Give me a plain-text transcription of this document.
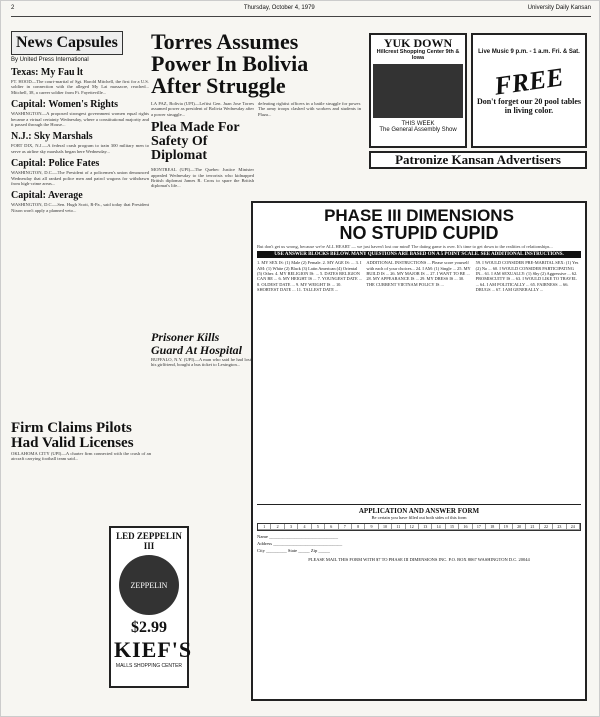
2	Thursday, October 4, 1979	University Daily Kansan
News Capsules
By United Press International
Texas: My Fau lt
FT. HOOD—The court-martial of Sgt. Harold Mitchell, the first for a U.S. soldier in connection with the alleged My Lai massacre, reached... Mitchell, 38, a career soldier from Ft. Fayetteville...
Capital: Women's Rights
WASHINGTON—A proposed strongest government women equal rights became a virtual certainty Wednesday, where a constitutional majority and it passed through the House...
N.J.: Sky Marshals
FORT DIX, N.J.—A federal crash program to train 300 military men to serve as airline sky marshals began here Wednesday...
Capital: Police Fates
WASHINGTON, D.C.—The President of a policemen's union denounced Wednesday that all ranked police men and patrol wagons for withdrawn from high-crime areas...
Capital: Average
WASHINGTON, D.C.—Sen. Hugh Scott, R-Pa., said today that President Nixon won't apply a planned veto...
Torres Assumes Power In Bolivia After Struggle
LA PAZ, Bolivia (UPI)—Leftist Gen. Juan Jose Torres assumed power as president of Bolivia Wednesday after a power struggle...
Plea Made For Safety Of Diplomat
MONTREAL (UPI)—The Quebec Justice Minister appealed Wednesday to the terrorists who kidnapped British diplomat James R. Cross to spare the British diplomat's life...
defeating rightist officers in a battle struggle for power. The army troops clashed with workers and students in Plaza...
Prisoner Kills Guard At Hospital
BUFFALO, N.Y. (UPI)—A man who said he had lost his girlfriend, bought a bus ticket to Lexington...
Firm Claims Pilots Had Valid Licenses
OKLAHOMA CITY (UPI)—A charter firm connected with the crash of an aircraft carrying football team said...
LED ZEPPELIN III
ZEPPELIN
$2.99
KIEF'S
MALLS SHOPPING CENTER
YUK DOWN
Hillcrest Shopping Center 9th & Iowa
THIS WEEK
The General Assembly Show
Live Music 9 p.m. - 1 a.m. Fri. & Sat.
FREE
Don't forget our 20 pool tables in living color.
Patronize Kansan Advertisers
PHASE III DIMENSIONS
NO STUPID CUPID
But don't get us wrong, because we're ALL HEART — we just haven't lost our mind! The dating game is over. It's time to get down to the realities of relationships...
USE ANSWER BLOCKS BELOW. MANY QUESTIONS ARE BASED ON A 5 POINT SCALE. SEE ADDITIONAL INSTRUCTIONS.
1. MY SEX IS: (1) Male (2) Female. 2. MY AGE IS: ... 3. I AM: (1) White (2) Black (3) Latin American (4) Oriental (5) Other. 4. MY RELIGION IS: ... 5. DATES RELIGION CAN BE ... 6. MY HEIGHT IS ... 7. YOUNGEST DATE ... 8. OLDEST DATE ... 9. MY WEIGHT IS ... 10. SHORTEST DATE ... 11. TALLEST DATE ...
ADDITIONAL INSTRUCTIONS ... Please score yourself with each of your choices... 24. I AM: (1) Single ... 25. MY BUILD IS ... 26. MY MAJOR IS ... 27. I WANT TO BE ... 28. MY APPEARANCE IS ... 29. MY DRESS IS ... 30. THE CURRENT VIETNAM POLICY IS ...
59. I WOULD CONSIDER PRE-MARITAL SEX: (1) Yes (2) No ... 60. I WOULD CONSIDER PARTICIPATING IN... 61. I AM SEXUALLY: (1) Shy (2) Aggressive ... 62. PROMISCUITY IS ... 63. I WOULD LIKE TO TRAVEL ... 64. I AM POLITICALLY ... 65. FAIRNESS ... 66. DRUGS ... 67. I AM GENERALLY ...
APPLICATION AND ANSWER FORM
Be certain you have filled out both sides of this form
1	2	3	4	5	6	7	8	9	10	11	12	13	14	15	16	17	18	19	20	21	22	23	24
Name ______________________________
Address ______________________________
City _________ State _____ Zip _____
PLEASE MAIL THIS FORM WITH $7 TO PHASE III DIMENSIONS INC. P.O. BOX 8067 WASHINGTON D.C. 20044
